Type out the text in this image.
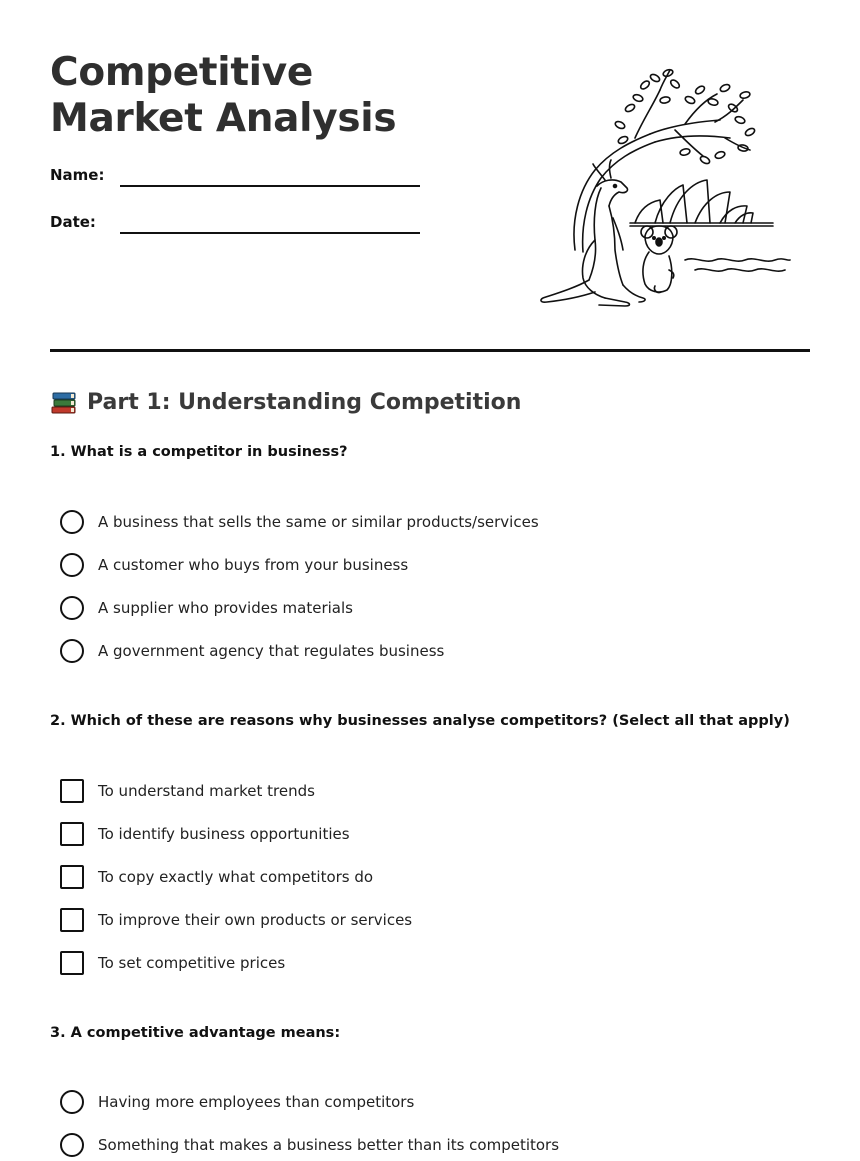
Competitive Market Analysis
Name:
Date:
Part 1: Understanding Competition

1. What is a competitor in business?

A business that sells the same or similar products/services
A customer who buys from your business
A supplier who provides materials
A government agency that regulates business

2. Which of these are reasons why businesses analyse competitors? (Select all that apply)

To understand market trends
To identify business opportunities
To copy exactly what competitors do
To improve their own products or services
To set competitive prices

3. A competitive advantage means:

Having more employees than competitors
Something that makes a business better than its competitors
